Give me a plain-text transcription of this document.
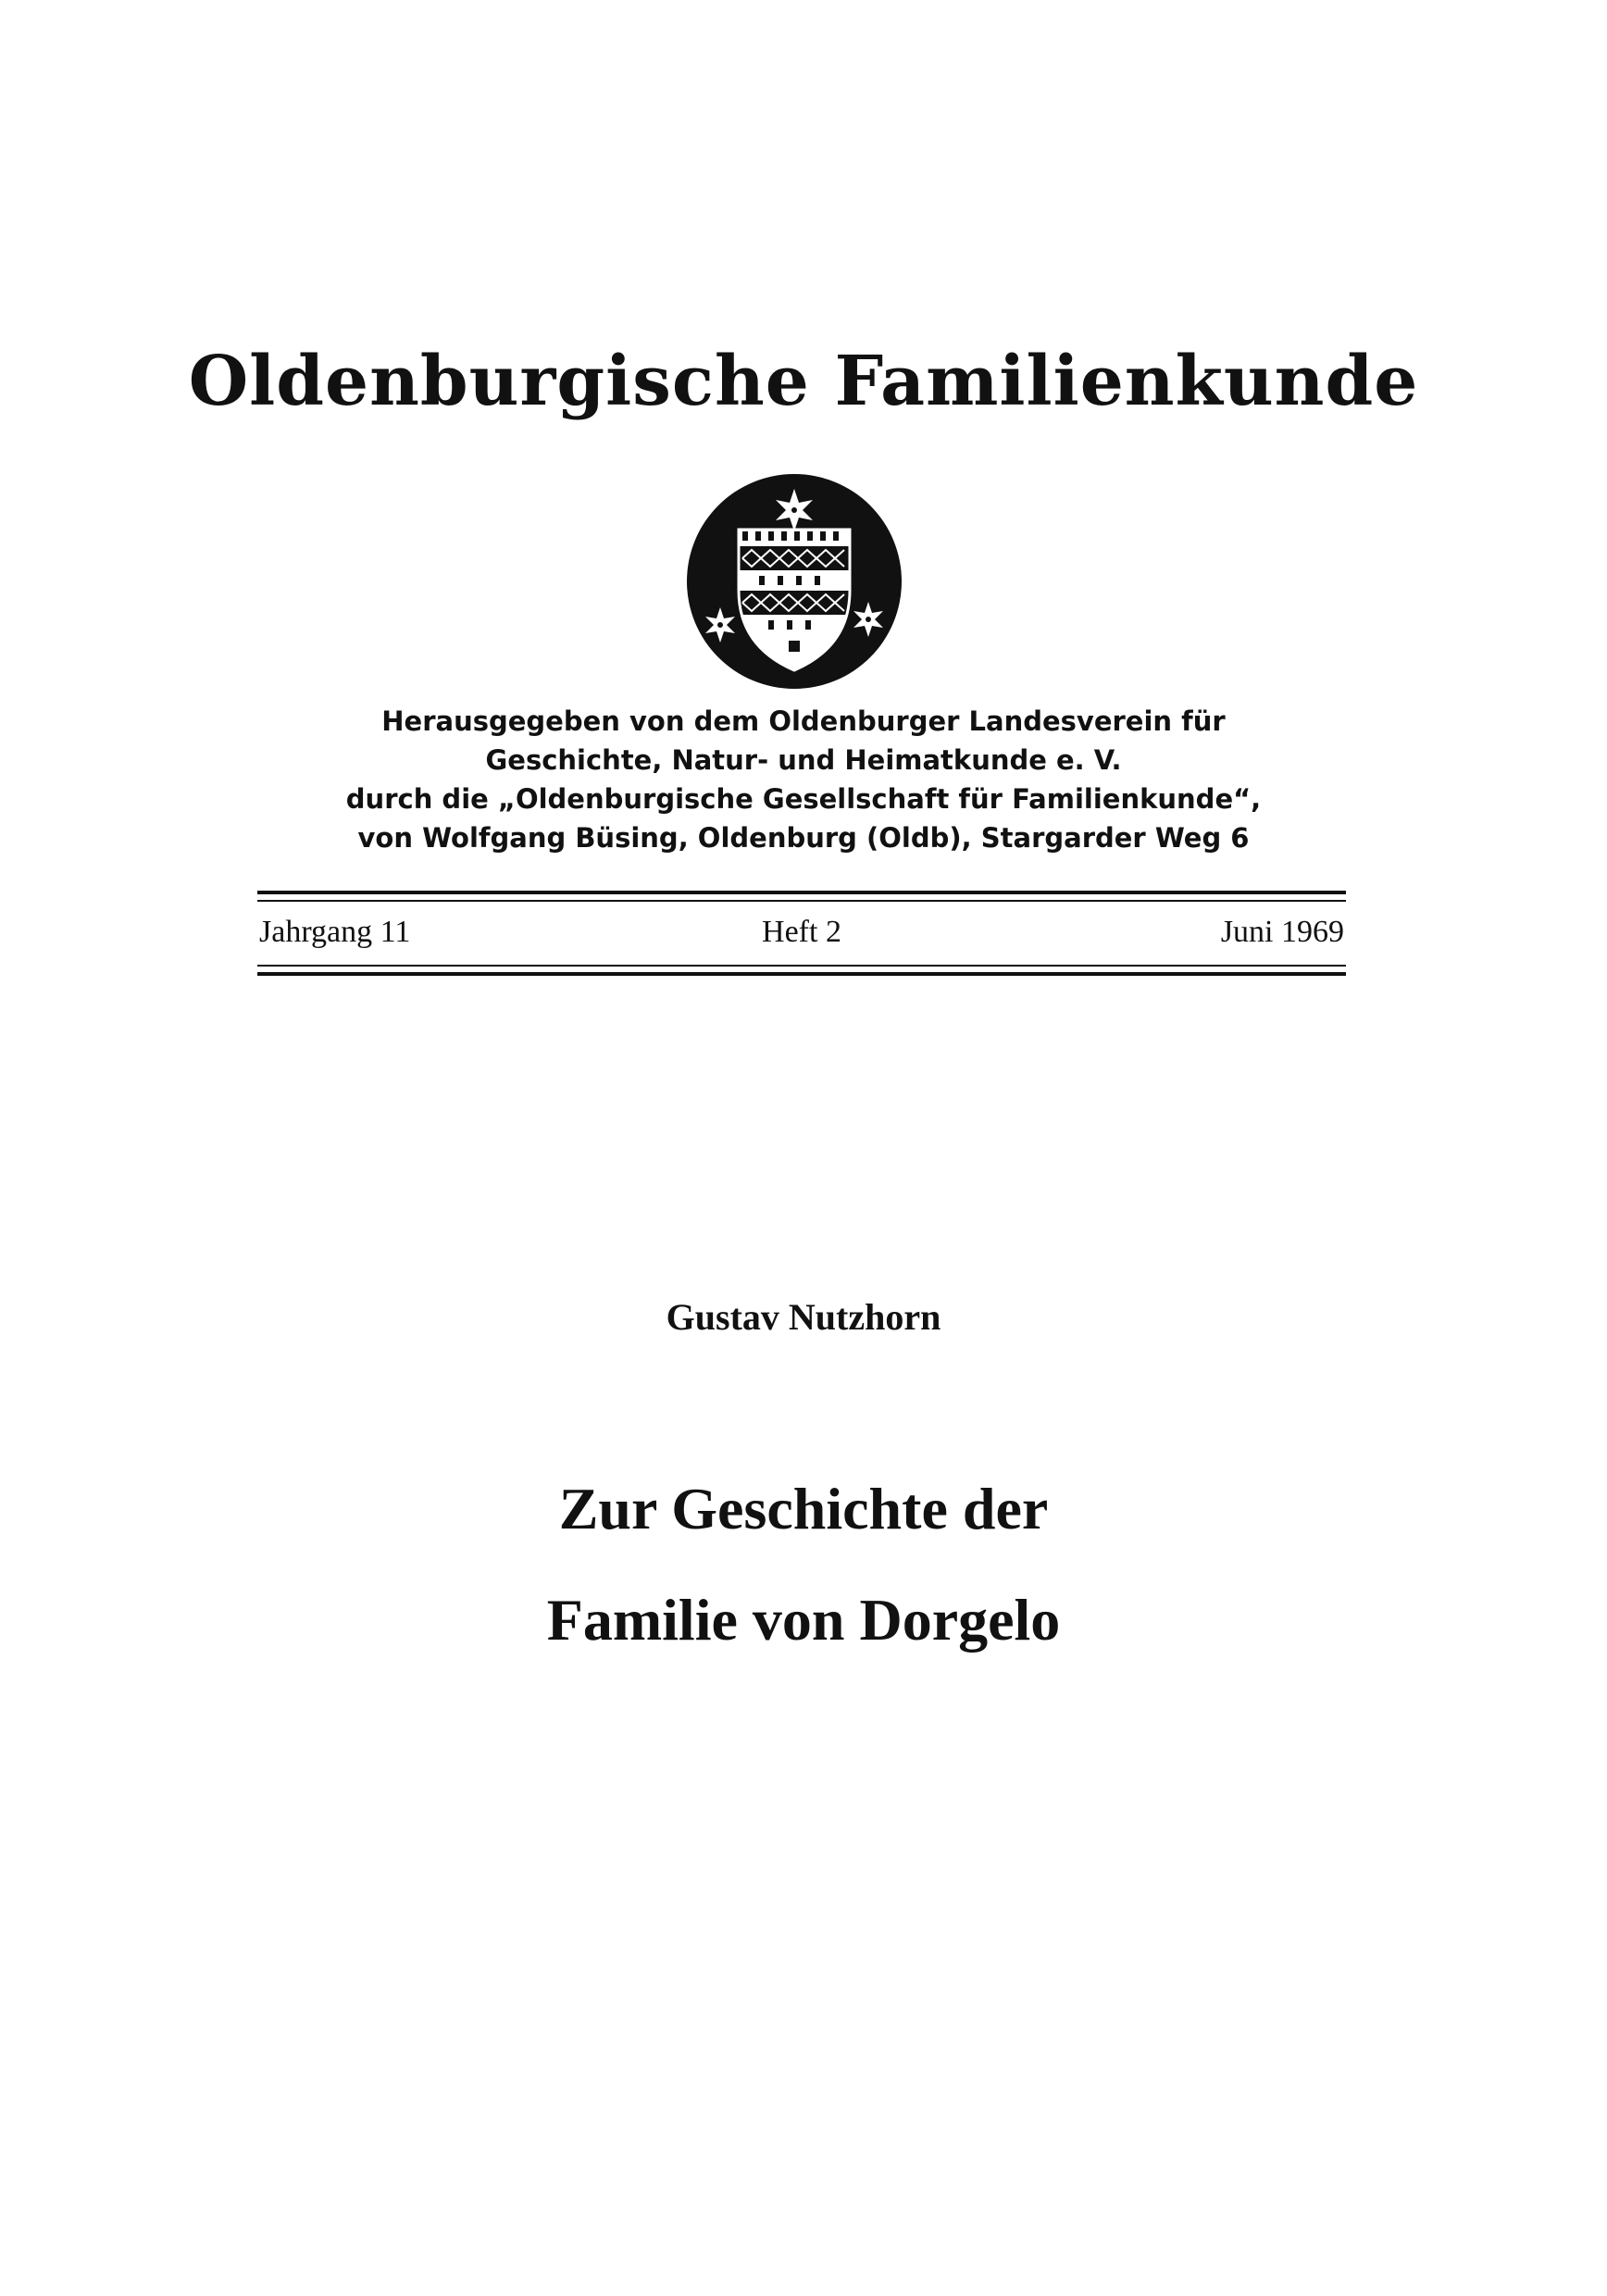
Oldenburgische Familienkunde
Herausgegeben von dem Oldenburger Landesverein für
Geschichte, Natur- und Heimatkunde e. V.
durch die „Oldenburgische Gesellschaft für Familienkunde“,
von Wolfgang Büsing, Oldenburg (Oldb), Stargarder Weg 6
Jahrgang 11	Heft 2	Juni 1969
Gustav Nutzhorn
Zur Geschichte der
Familie von Dorgelo
